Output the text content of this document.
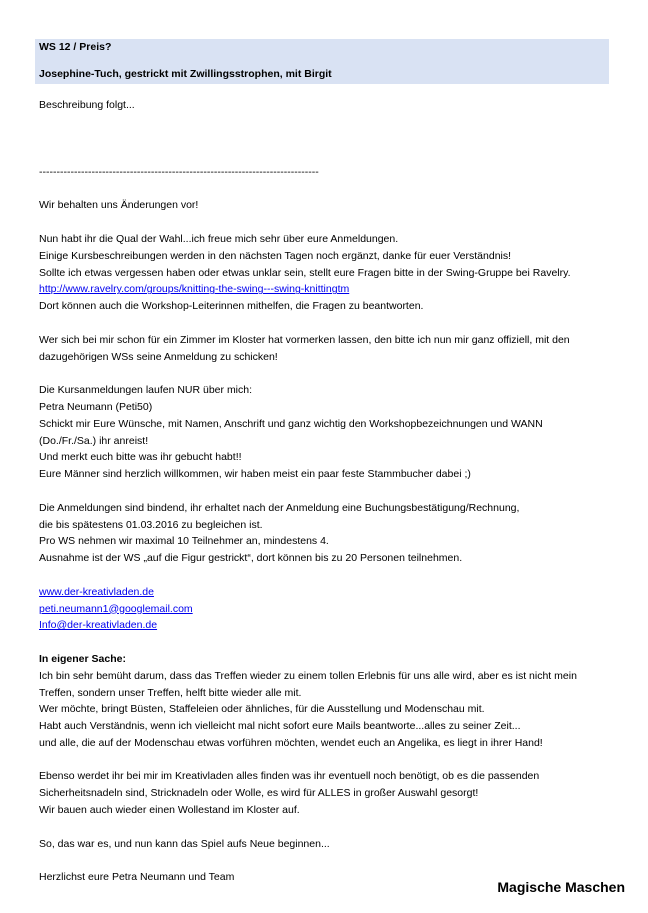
WS 12 / Preis?
Josephine-Tuch, gestrickt mit Zwillingsstrophen, mit Birgit

Beschreibung folgt...

--------------------------------------------------------------------------------

Wir behalten uns Änderungen vor!

Nun habt ihr die Qual der Wahl...ich freue mich sehr über eure Anmeldungen.

Einige Kursbeschreibungen werden in den nächsten Tagen noch ergänzt, danke für euer Verständnis!

Sollte ich etwas vergessen haben oder etwas unklar sein, stellt eure Fragen bitte in der Swing-Gruppe bei Ravelry.

http://www.ravelry.com/groups/knitting-the-swing---swing-knittingtm

Dort können auch die Workshop-Leiterinnen mithelfen, die Fragen zu beantworten.

Wer sich bei mir schon für ein Zimmer im Kloster hat vormerken lassen, den bitte ich nun mir ganz offiziell, mit den

dazugehörigen WSs seine Anmeldung zu schicken!

Die Kursanmeldungen laufen NUR über mich:

Petra Neumann (Peti50)

Schickt mir Eure Wünsche, mit Namen, Anschrift und ganz wichtig den Workshopbezeichnungen und WANN

(Do./Fr./Sa.) ihr anreist!

Und merkt euch bitte was ihr gebucht habt!!

Eure Männer sind herzlich willkommen, wir haben meist ein paar feste Stammbucher dabei ;)

Die Anmeldungen sind bindend, ihr erhaltet nach der Anmeldung eine Buchungsbestätigung/Rechnung,

die bis spätestens 01.03.2016 zu begleichen ist.

Pro WS nehmen wir maximal 10 Teilnehmer an, mindestens 4.

Ausnahme ist der WS „auf die Figur gestrickt“, dort können bis zu 20 Personen teilnehmen.

www.der-kreativladen.de

peti.neumann1@googlemail.com

Info@der-kreativladen.de

In eigener Sache:

Ich bin sehr bemüht darum, dass das Treffen wieder zu einem tollen Erlebnis für uns alle wird, aber es ist nicht mein

Treffen, sondern unser Treffen, helft bitte wieder alle mit.

Wer möchte, bringt Büsten, Staffeleien oder ähnliches, für die Ausstellung und Modenschau mit.

Habt auch Verständnis, wenn ich vielleicht mal nicht sofort eure Mails beantworte...alles zu seiner Zeit...

und alle, die auf der Modenschau etwas vorführen möchten, wendet euch an Angelika, es liegt in ihrer Hand!

Ebenso werdet ihr bei mir im Kreativladen alles finden was ihr eventuell noch benötigt, ob es die passenden

Sicherheitsnadeln sind, Stricknadeln oder Wolle, es wird für ALLES in großer Auswahl gesorgt!

Wir bauen auch wieder einen Wollestand im Kloster auf.

So, das war es, und nun kann das Spiel aufs Neue beginnen...

Herzlichst eure Petra Neumann und Team

Magische Maschen
